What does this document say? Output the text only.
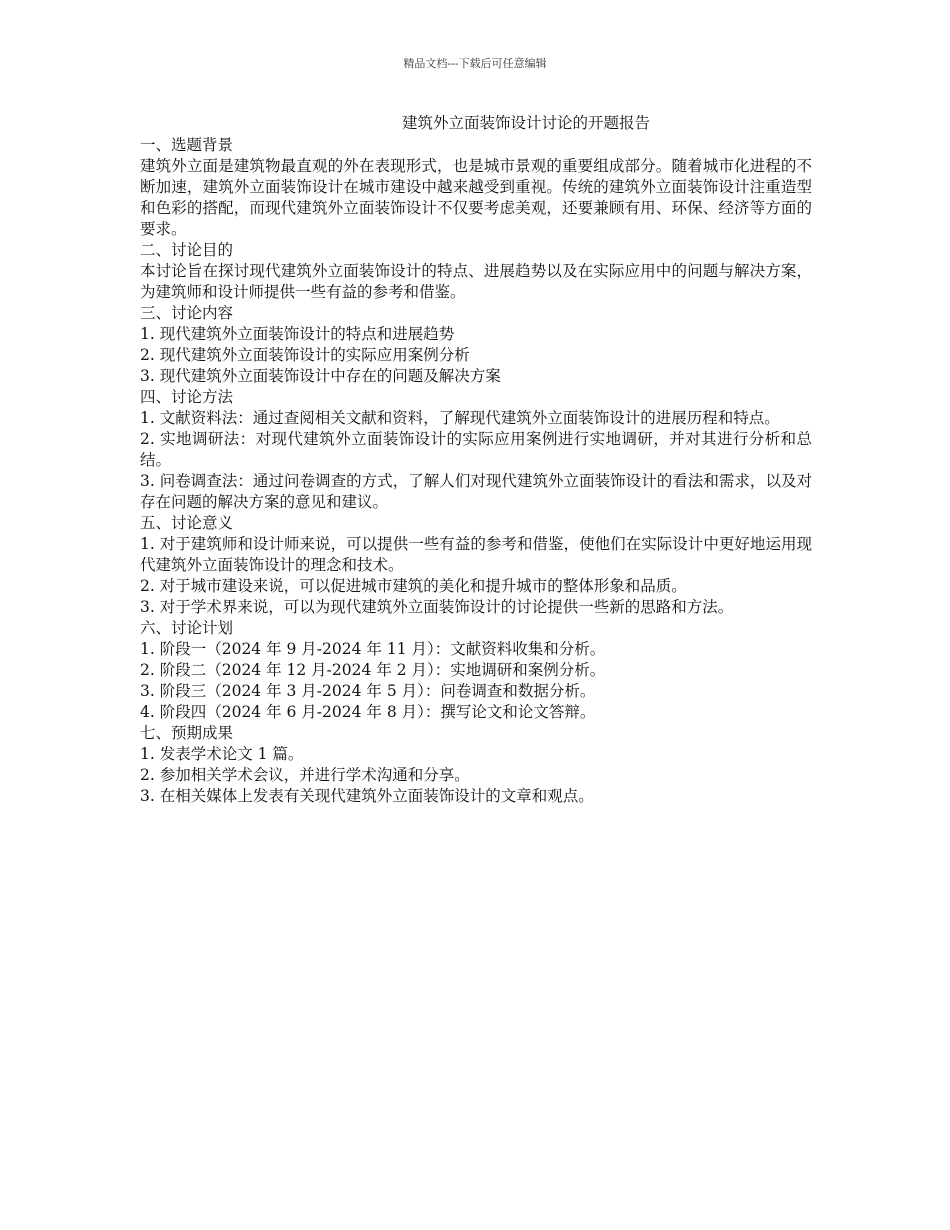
精品文档---下载后可任意编辑
建筑外立面装饰设计讨论的开题报告
一、选题背景

建筑外立面是建筑物最直观的外在表现形式，也是城市景观的重要组成部分。随着城市化进程的不断加速，建筑外立面装饰设计在城市建设中越来越受到重视。传统的建筑外立面装饰设计注重造型和色彩的搭配，而现代建筑外立面装饰设计不仅要考虑美观，还要兼顾有用、环保、经济等方面的要求。

二、讨论目的

本讨论旨在探讨现代建筑外立面装饰设计的特点、进展趋势以及在实际应用中的问题与解决方案，为建筑师和设计师提供一些有益的参考和借鉴。

三、讨论内容
1. 现代建筑外立面装饰设计的特点和进展趋势
2. 现代建筑外立面装饰设计的实际应用案例分析
3. 现代建筑外立面装饰设计中存在的问题及解决方案
四、讨论方法
1. 文献资料法：通过查阅相关文献和资料，了解现代建筑外立面装饰设计的进展历程和特点。
2. 实地调研法：对现代建筑外立面装饰设计的实际应用案例进行实地调研，并对其进行分析和总结。
3. 问卷调查法：通过问卷调查的方式，了解人们对现代建筑外立面装饰设计的看法和需求，以及对存在问题的解决方案的意见和建议。
五、讨论意义
1. 对于建筑师和设计师来说，可以提供一些有益的参考和借鉴，使他们在实际设计中更好地运用现代建筑外立面装饰设计的理念和技术。
2. 对于城市建设来说，可以促进城市建筑的美化和提升城市的整体形象和品质。
3. 对于学术界来说，可以为现代建筑外立面装饰设计的讨论提供一些新的思路和方法。
六、讨论计划
1. 阶段一（2024 年 9 月-2024 年 11 月）：文献资料收集和分析。
2. 阶段二（2024 年 12 月-2024 年 2 月）：实地调研和案例分析。
3. 阶段三（2024 年 3 月-2024 年 5 月）：问卷调查和数据分析。
4. 阶段四（2024 年 6 月-2024 年 8 月）：撰写论文和论文答辩。
七、预期成果
1. 发表学术论文 1 篇。
2. 参加相关学术会议，并进行学术沟通和分享。
3. 在相关媒体上发表有关现代建筑外立面装饰设计的文章和观点。
